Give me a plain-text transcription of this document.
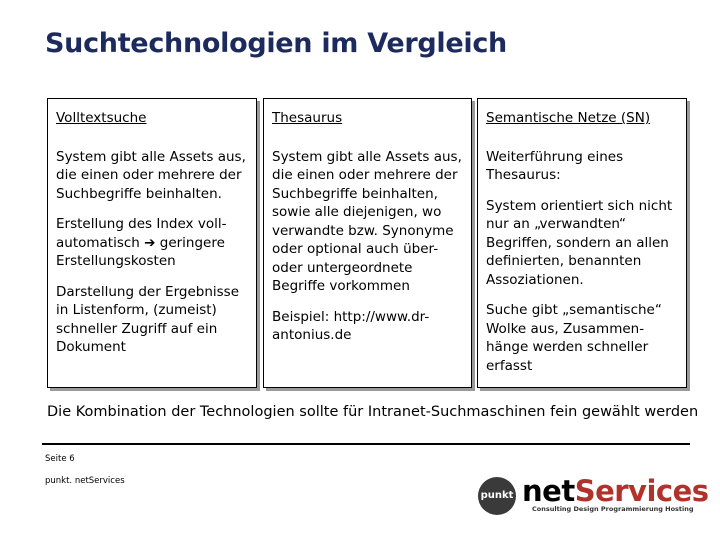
Suchtechnologien im Vergleich
Volltextsuche
System gibt alle Assets aus, die einen oder mehrere der Suchbegriffe beinhalten.
Erstellung des Index voll-automatisch ➔ geringere Erstellungskosten
Darstellung der Ergebnisse in Listenform, (zumeist) schneller Zugriff auf ein Dokument
Thesaurus
System gibt alle Assets aus, die einen oder mehrere der Suchbegriffe beinhalten, sowie alle diejenigen, wo verwandte bzw. Synonyme oder optional auch über- oder untergeordnete Begriffe vorkommen
Beispiel: http://www.dr-antonius.de
Semantische Netze (SN)
Weiterführung eines Thesaurus:
System orientiert sich nicht nur an „verwandten“ Begriffen, sondern an allen definierten, benannten Assoziationen.
Suche gibt „semantische“ Wolke aus, Zusammen-hänge werden schneller erfasst
Die Kombination der Technologien sollte für Intranet-Suchmaschinen fein gewählt werden
Seite 6
punkt. netServices
punkt netServices
Consulting Design Programmierung Hosting
